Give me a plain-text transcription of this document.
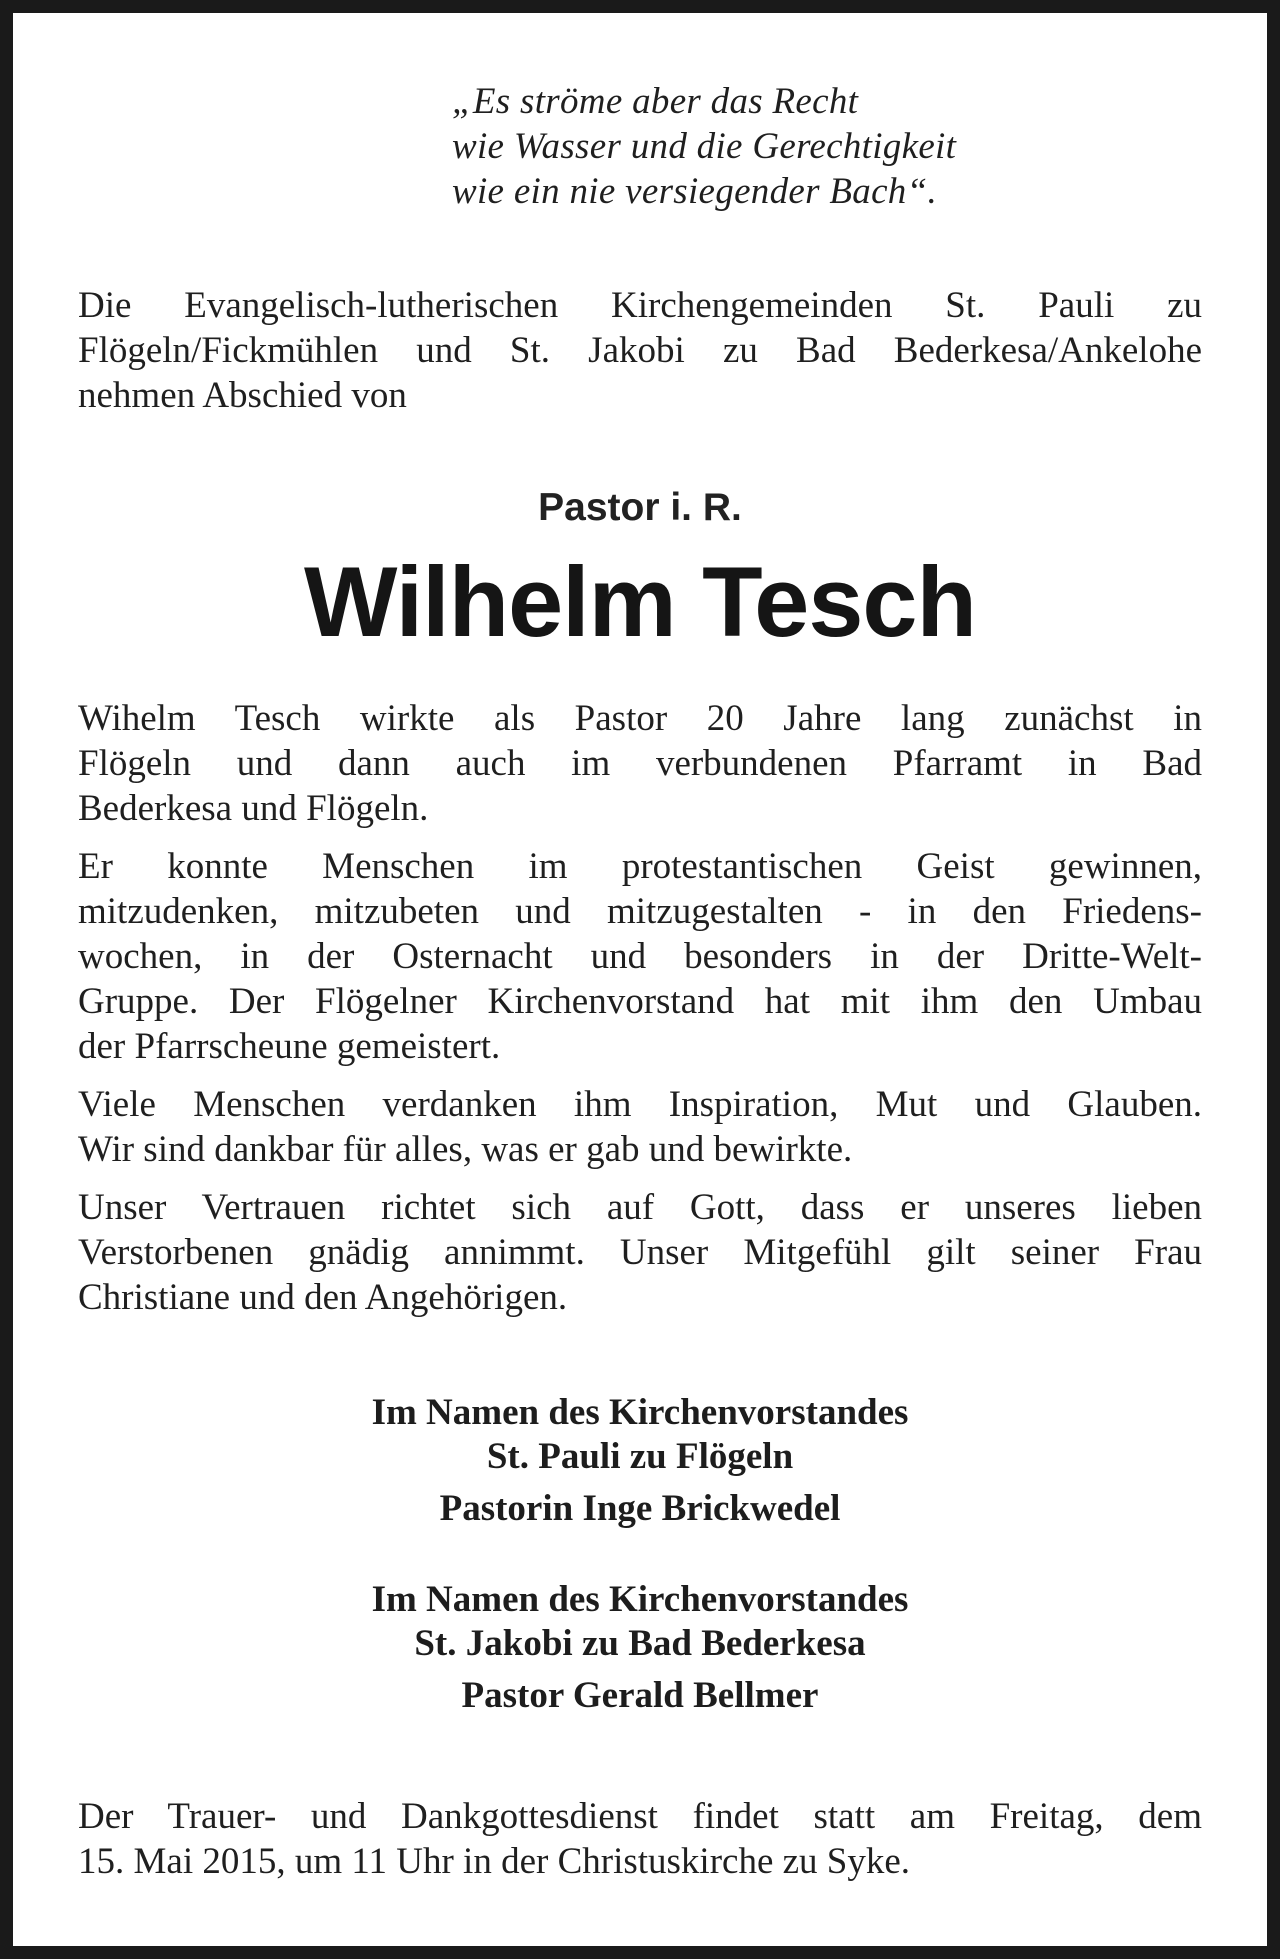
„Es ströme aber das Recht
wie Wasser und die Gerechtigkeit
wie ein nie versiegender Bach“.
Die Evangelisch-lutherischen Kirchengemeinden St. Pauli zu
Flögeln/Fickmühlen und St. Jakobi zu Bad Bederkesa/Ankelohe
nehmen Abschied von
Pastor i. R.
Wilhelm Tesch

Wihelm Tesch wirkte als Pastor 20 Jahre lang zunächst in
Flögeln und dann auch im verbundenen Pfarramt in Bad
Bederkesa und Flögeln.

Er konnte Menschen im protestantischen Geist gewinnen,
mitzudenken, mitzubeten und mitzugestalten - in den Friedens-
wochen, in der Osternacht und besonders in der Dritte-Welt-
Gruppe. Der Flögelner Kirchenvorstand hat mit ihm den Umbau
der Pfarrscheune gemeistert.

Viele Menschen verdanken ihm Inspiration, Mut und Glauben.
Wir sind dankbar für alles, was er gab und bewirkte.

Unser Vertrauen richtet sich auf Gott, dass er unseres lieben
Verstorbenen gnädig annimmt. Unser Mitgefühl gilt seiner Frau
Christiane und den Angehörigen.

Im Namen des Kirchenvorstandes
St. Pauli zu Flögeln
Pastorin Inge Brickwedel
Im Namen des Kirchenvorstandes
St. Jakobi zu Bad Bederkesa
Pastor Gerald Bellmer
Der Trauer- und Dankgottesdienst findet statt am Freitag, dem
15. Mai 2015, um 11 Uhr in der Christuskirche zu Syke.
